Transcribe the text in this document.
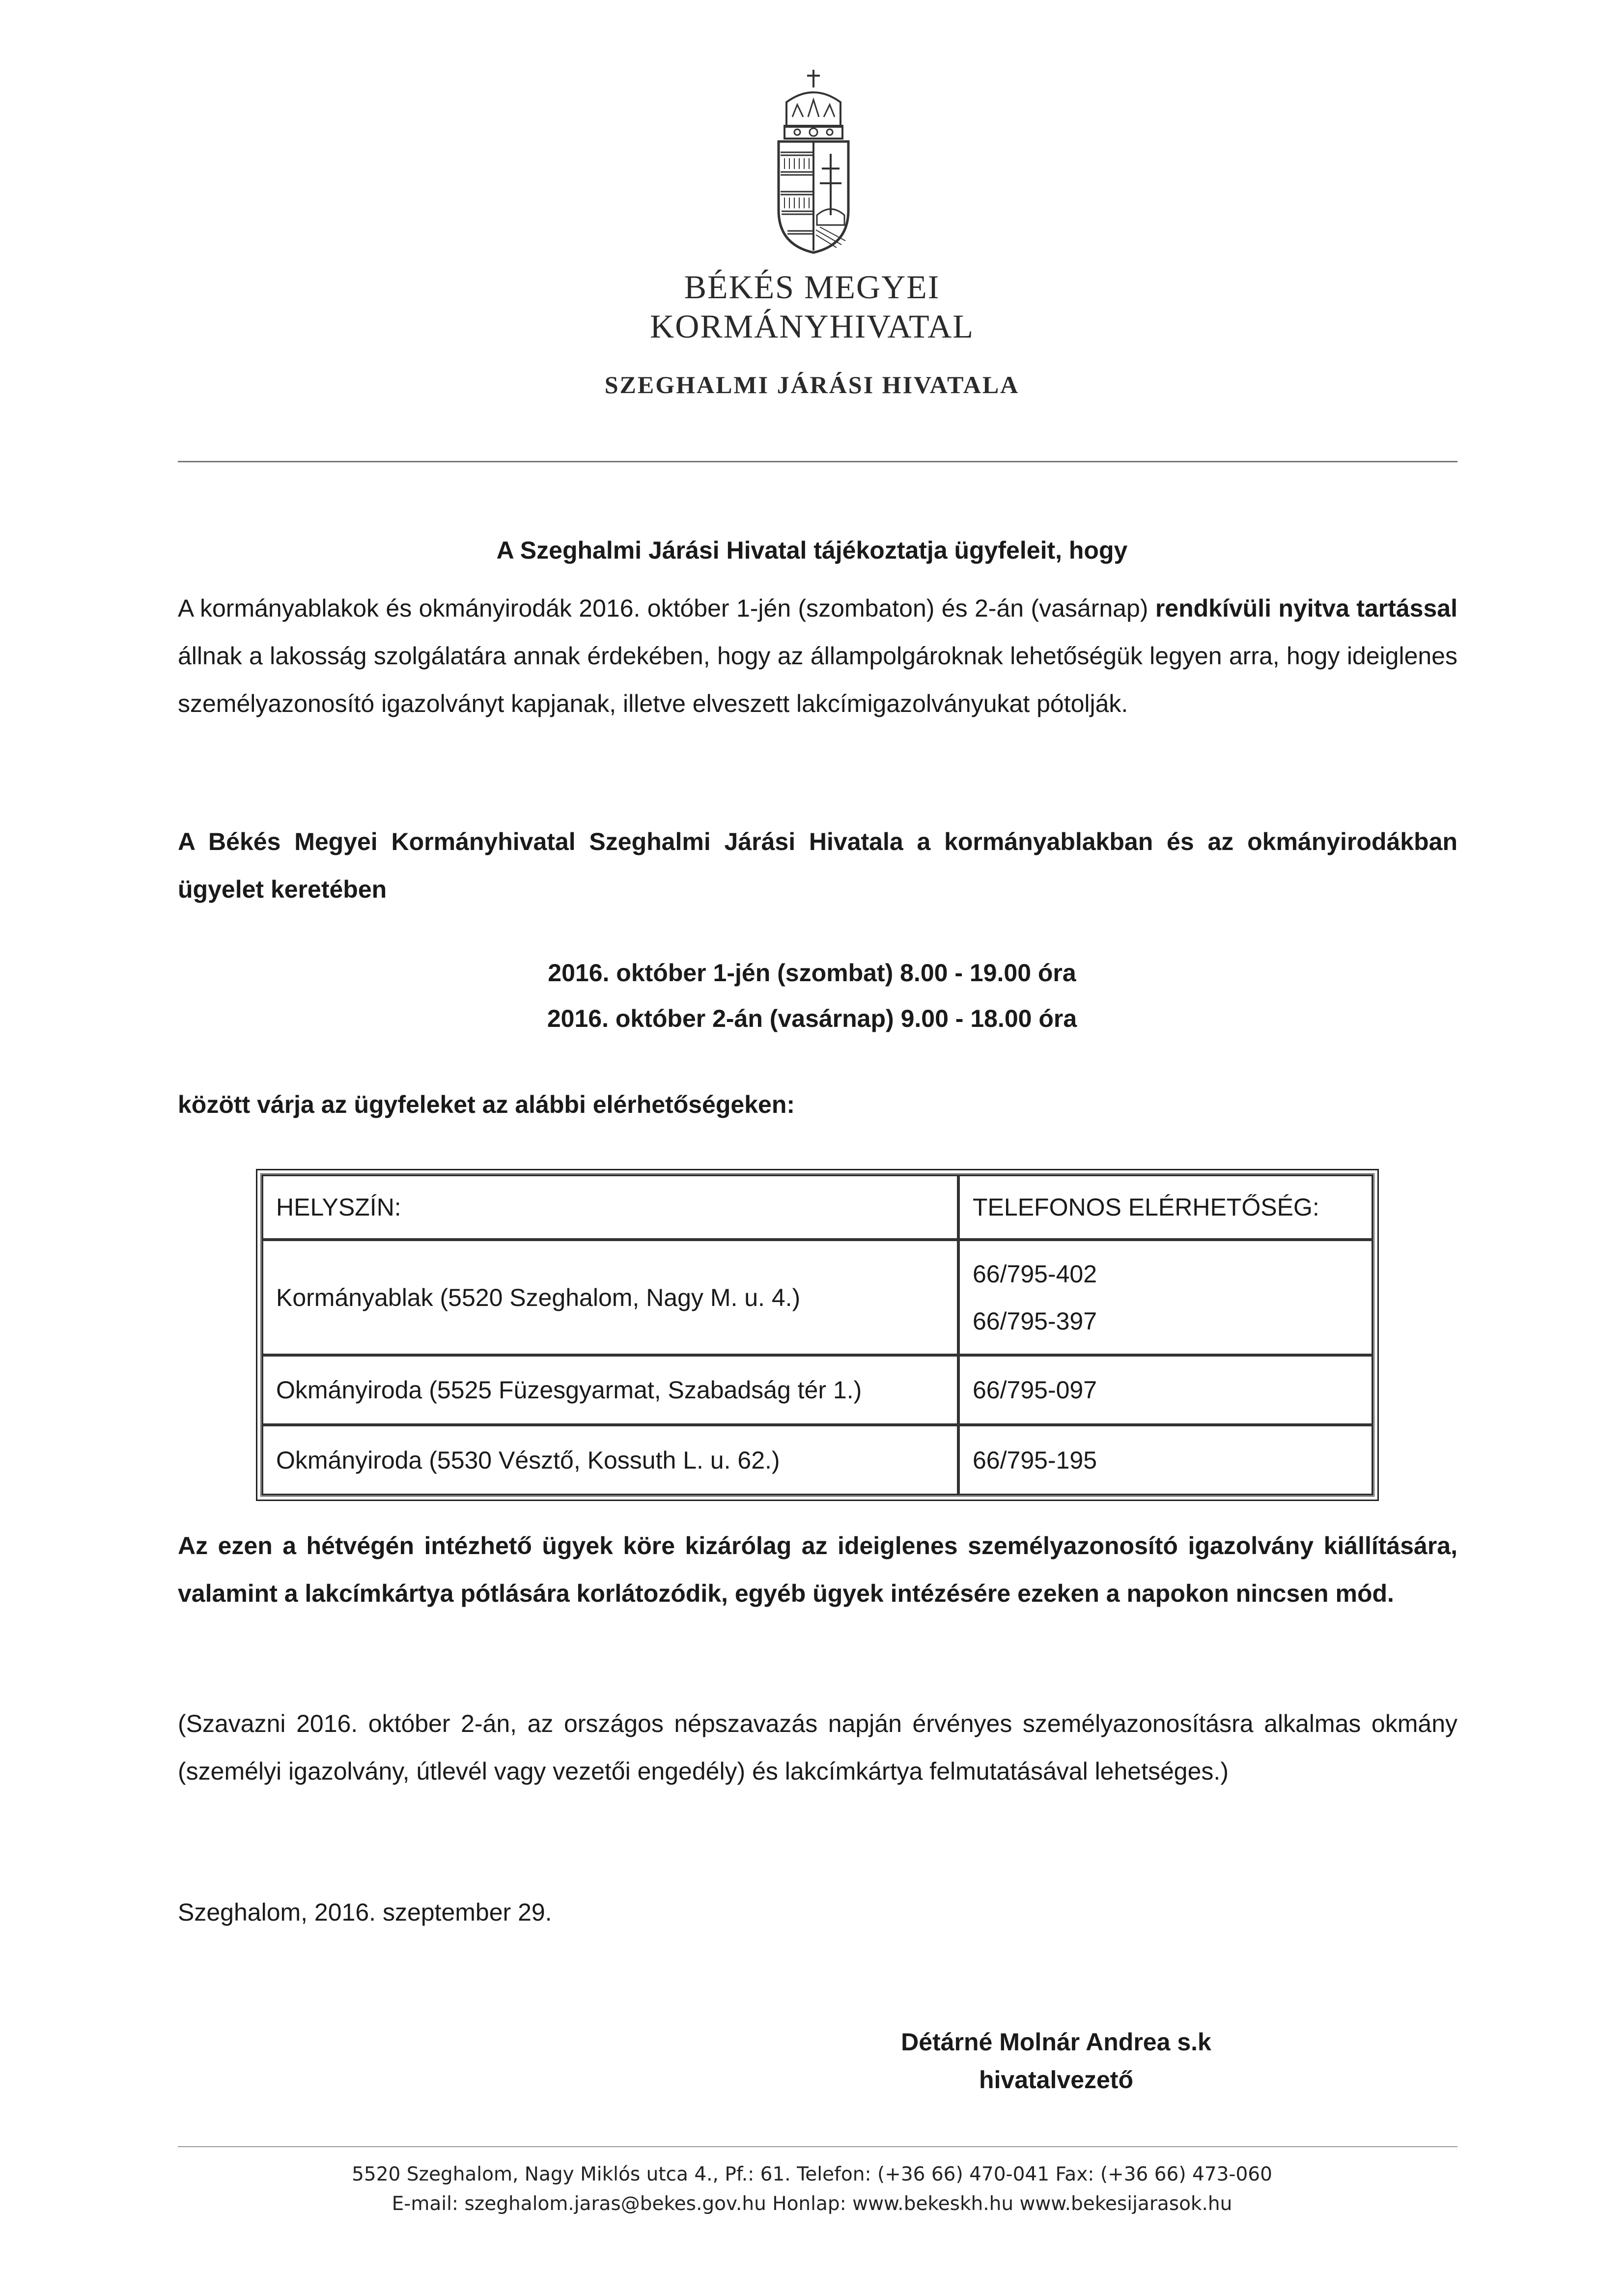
BÉKÉS MEGYEI
KORMÁNYHIVATAL
SZEGHALMI JÁRÁSI HIVATALA
A Szeghalmi Járási Hivatal tájékoztatja ügyfeleit, hogy
A kormányablakok és okmányirodák 2016. október 1-jén (szombaton) és 2-án (vasárnap) rendkívüli nyitva tartással állnak a lakosság szolgálatára annak érdekében, hogy az állampolgároknak lehetőségük legyen arra, hogy ideiglenes személyazonosító igazolványt kapjanak, illetve elveszett lakcímigazolványukat pótolják.
A Békés Megyei Kormányhivatal Szeghalmi Járási Hivatala a kormányablakban és az okmányirodákban ügyelet keretében
2016. október 1-jén (szombat) 8.00 - 19.00 óra
2016. október 2-án (vasárnap) 9.00 - 18.00 óra
között várja az ügyfeleket az alábbi elérhetőségeken:
HELYSZÍN:	TELEFONOS ELÉRHETŐSÉG:
Kormányablak (5520 Szeghalom, Nagy M. u. 4.)	66/795-402
66/795-397

Okmányiroda (5525 Füzesgyarmat, Szabadság tér 1.)	66/795-097
Okmányiroda (5530 Vésztő, Kossuth L. u. 62.)	66/795-195
Az ezen a hétvégén intézhető ügyek köre kizárólag az ideiglenes személyazonosító igazolvány kiállítására, valamint a lakcímkártya pótlására korlátozódik, egyéb ügyek intézésére ezeken a napokon nincsen mód.
(Szavazni 2016. október 2-án, az országos népszavazás napján érvényes személyazonosításra alkalmas okmány (személyi igazolvány, útlevél vagy vezetői engedély) és lakcímkártya felmutatásával lehetséges.)
Szeghalom, 2016. szeptember 29.
Détárné Molnár Andrea s.k
hivatalvezető
5520 Szeghalom, Nagy Miklós utca 4., Pf.: 61. Telefon: (+36 66) 470-041 Fax: (+36 66) 473-060
E-mail: szeghalom.jaras@bekes.gov.hu Honlap: www.bekeskh.hu www.bekesijarasok.hu
